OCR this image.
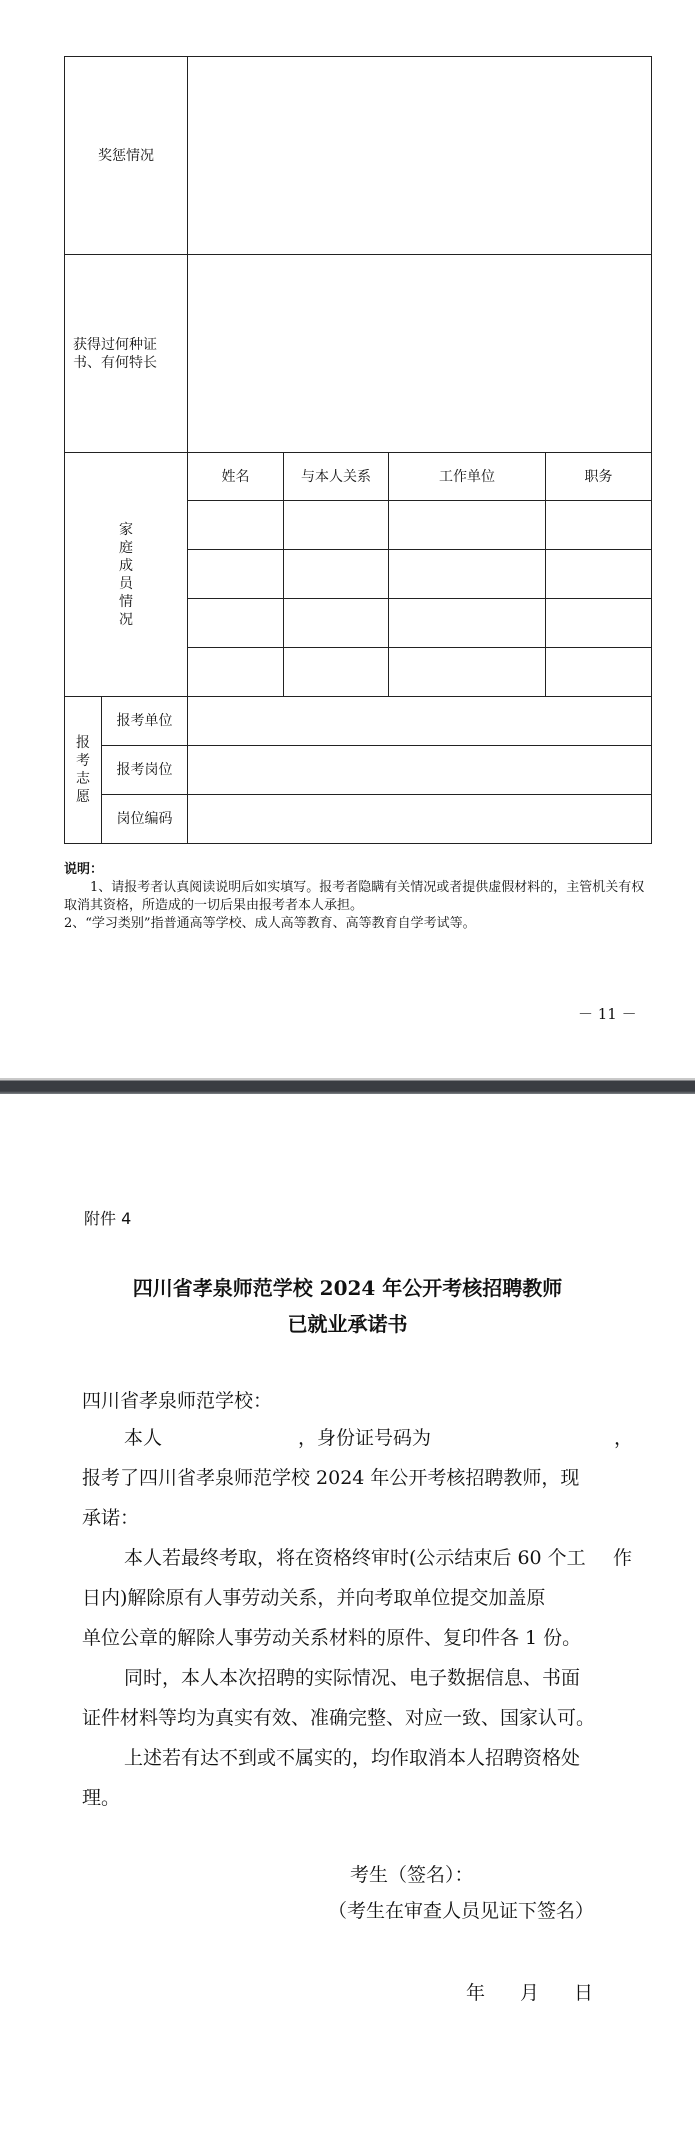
奖惩情况					
获得过何种证书、有何特长					
家庭成员情况		姓名	与本人关系	工作单位	职务

报考志愿	报考单位				
	报考岗位				
	岗位编码				

说明：

1、请报考者认真阅读说明后如实填写。报考者隐瞒有关情况或者提供虚假材料的，主管机关有权取消其资格，所造成的一切后果由报考者本人承担。

2、“学习类别”指普通高等学校、成人高等教育、高等教育自学考试等。

－ 11 －
附件 4
四川省孝泉师范学校 2024 年公开考核招聘教师
已就业承诺书
四川省孝泉师范学校：
本人	，身份证号码为	，
报考了四川省孝泉师范学校 2024 年公开考核招聘教师，现
承诺：
本人若最终考取，将在资格终审时(公示结束后 60 个工 作
日内)解除原有人事劳动关系，并向考取单位提交加盖原
单位公章的解除人事劳动关系材料的原件、复印件各 1 份。
同时，本人本次招聘的实际情况、电子数据信息、书面
证件材料等均为真实有效、准确完整、对应一致、国家认可。
上述若有达不到或不属实的，均作取消本人招聘资格处
理。
考生（签名）：
（考生在审查人员见证下签名）
年 月 日
